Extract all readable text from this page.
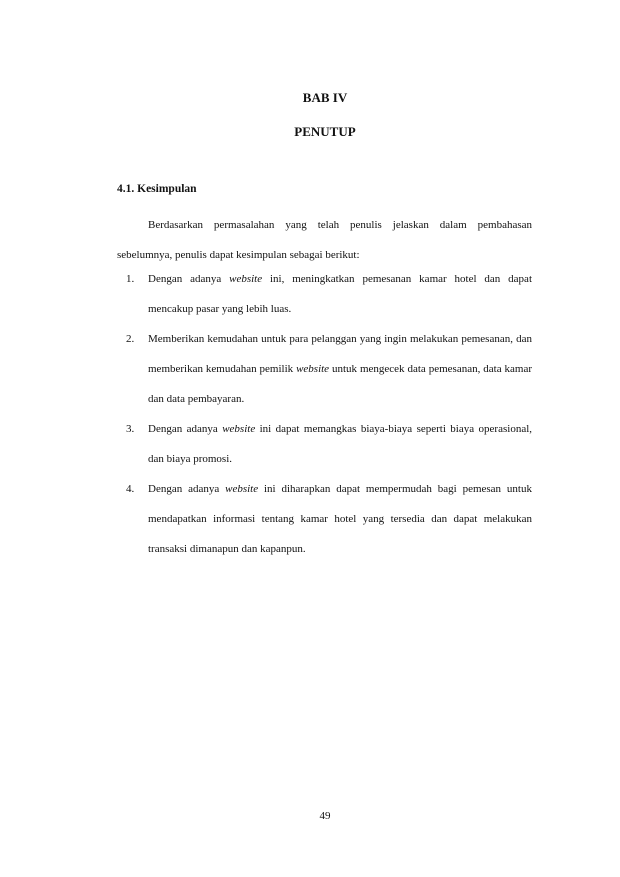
BAB IV
PENUTUP
4.1. Kesimpulan

Berdasarkan permasalahan yang telah penulis jelaskan dalam pembahasan sebelumnya, penulis dapat kesimpulan sebagai berikut:

1. Dengan adanya website ini, meningkatkan pemesanan kamar hotel dan dapat mencakup pasar yang lebih luas.
2. Memberikan kemudahan untuk para pelanggan yang ingin melakukan pemesanan, dan memberikan kemudahan pemilik website untuk mengecek data pemesanan, data kamar dan data pembayaran.
3. Dengan adanya website ini dapat memangkas biaya-biaya seperti biaya operasional, dan biaya promosi.
4. Dengan adanya website ini diharapkan dapat mempermudah bagi pemesan untuk mendapatkan informasi tentang kamar hotel yang tersedia dan dapat melakukan transaksi dimanapun dan kapanpun.

49
